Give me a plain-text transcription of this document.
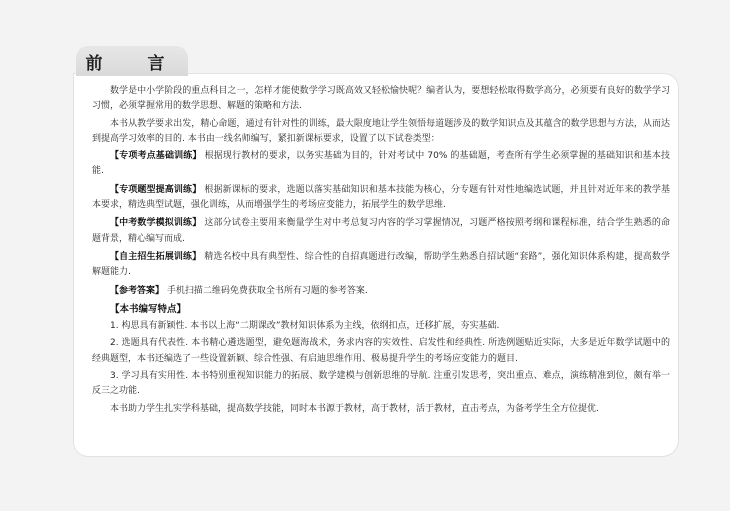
前　言

数学是中小学阶段的重点科目之一，怎样才能使数学学习既高效又轻松愉快呢？编者认为，要想轻松取得数学高分，必须要有良好的数学学习习惯，必须掌握常用的数学思想、解题的策略和方法.

本书从教学要求出发，精心命题，通过有针对性的训练，最大限度地让学生领悟每道题涉及的数学知识点及其蕴含的数学思想与方法，从而达到提高学习效率的目的. 本书由一线名师编写，紧扣新课标要求，设置了以下试卷类型：

【专项考点基础训练】 根据现行教材的要求，以务实基础为目的，针对考试中 70% 的基础题，考查所有学生必须掌握的基础知识和基本技能.

【专项题型提高训练】 根据新课标的要求，选题以落实基础知识和基本技能为核心，分专题有针对性地编选试题，并且针对近年来的教学基本要求，精选典型试题，强化训练，从而增强学生的考场应变能力，拓展学生的数学思维.

【中考数学模拟训练】 这部分试卷主要用来衡量学生对中考总复习内容的学习掌握情况，习题严格按照考纲和课程标准，结合学生熟悉的命题背景，精心编写而成.

【自主招生拓展训练】 精选名校中具有典型性、综合性的自招真题进行改编，帮助学生熟悉自招试题“套路”，强化知识体系构建，提高数学解题能力.

【参考答案】 手机扫描二维码免费获取全书所有习题的参考答案.

【本书编写特点】

1. 构思具有新颖性. 本书以上海“二期课改”教材知识体系为主线，依纲扣点，迁移扩展，夯实基础.

2. 选题具有代表性. 本书精心遴选题型，避免题海战术，务求内容的实效性、启发性和经典性. 所选例题贴近实际，大多是近年数学试题中的经典题型，本书还编选了一些设置新颖、综合性强、有启迪思维作用、极易提升学生的考场应变能力的题目.

3. 学习具有实用性. 本书特别重视知识能力的拓展、数学建模与创新思维的导航. 注重引发思考，突出重点、难点，演练精准到位，颇有举一反三之功能.

本书助力学生扎实学科基础，提高数学技能，同时本书源于教材，高于教材，活于教材，直击考点，为备考学生全方位提优.
